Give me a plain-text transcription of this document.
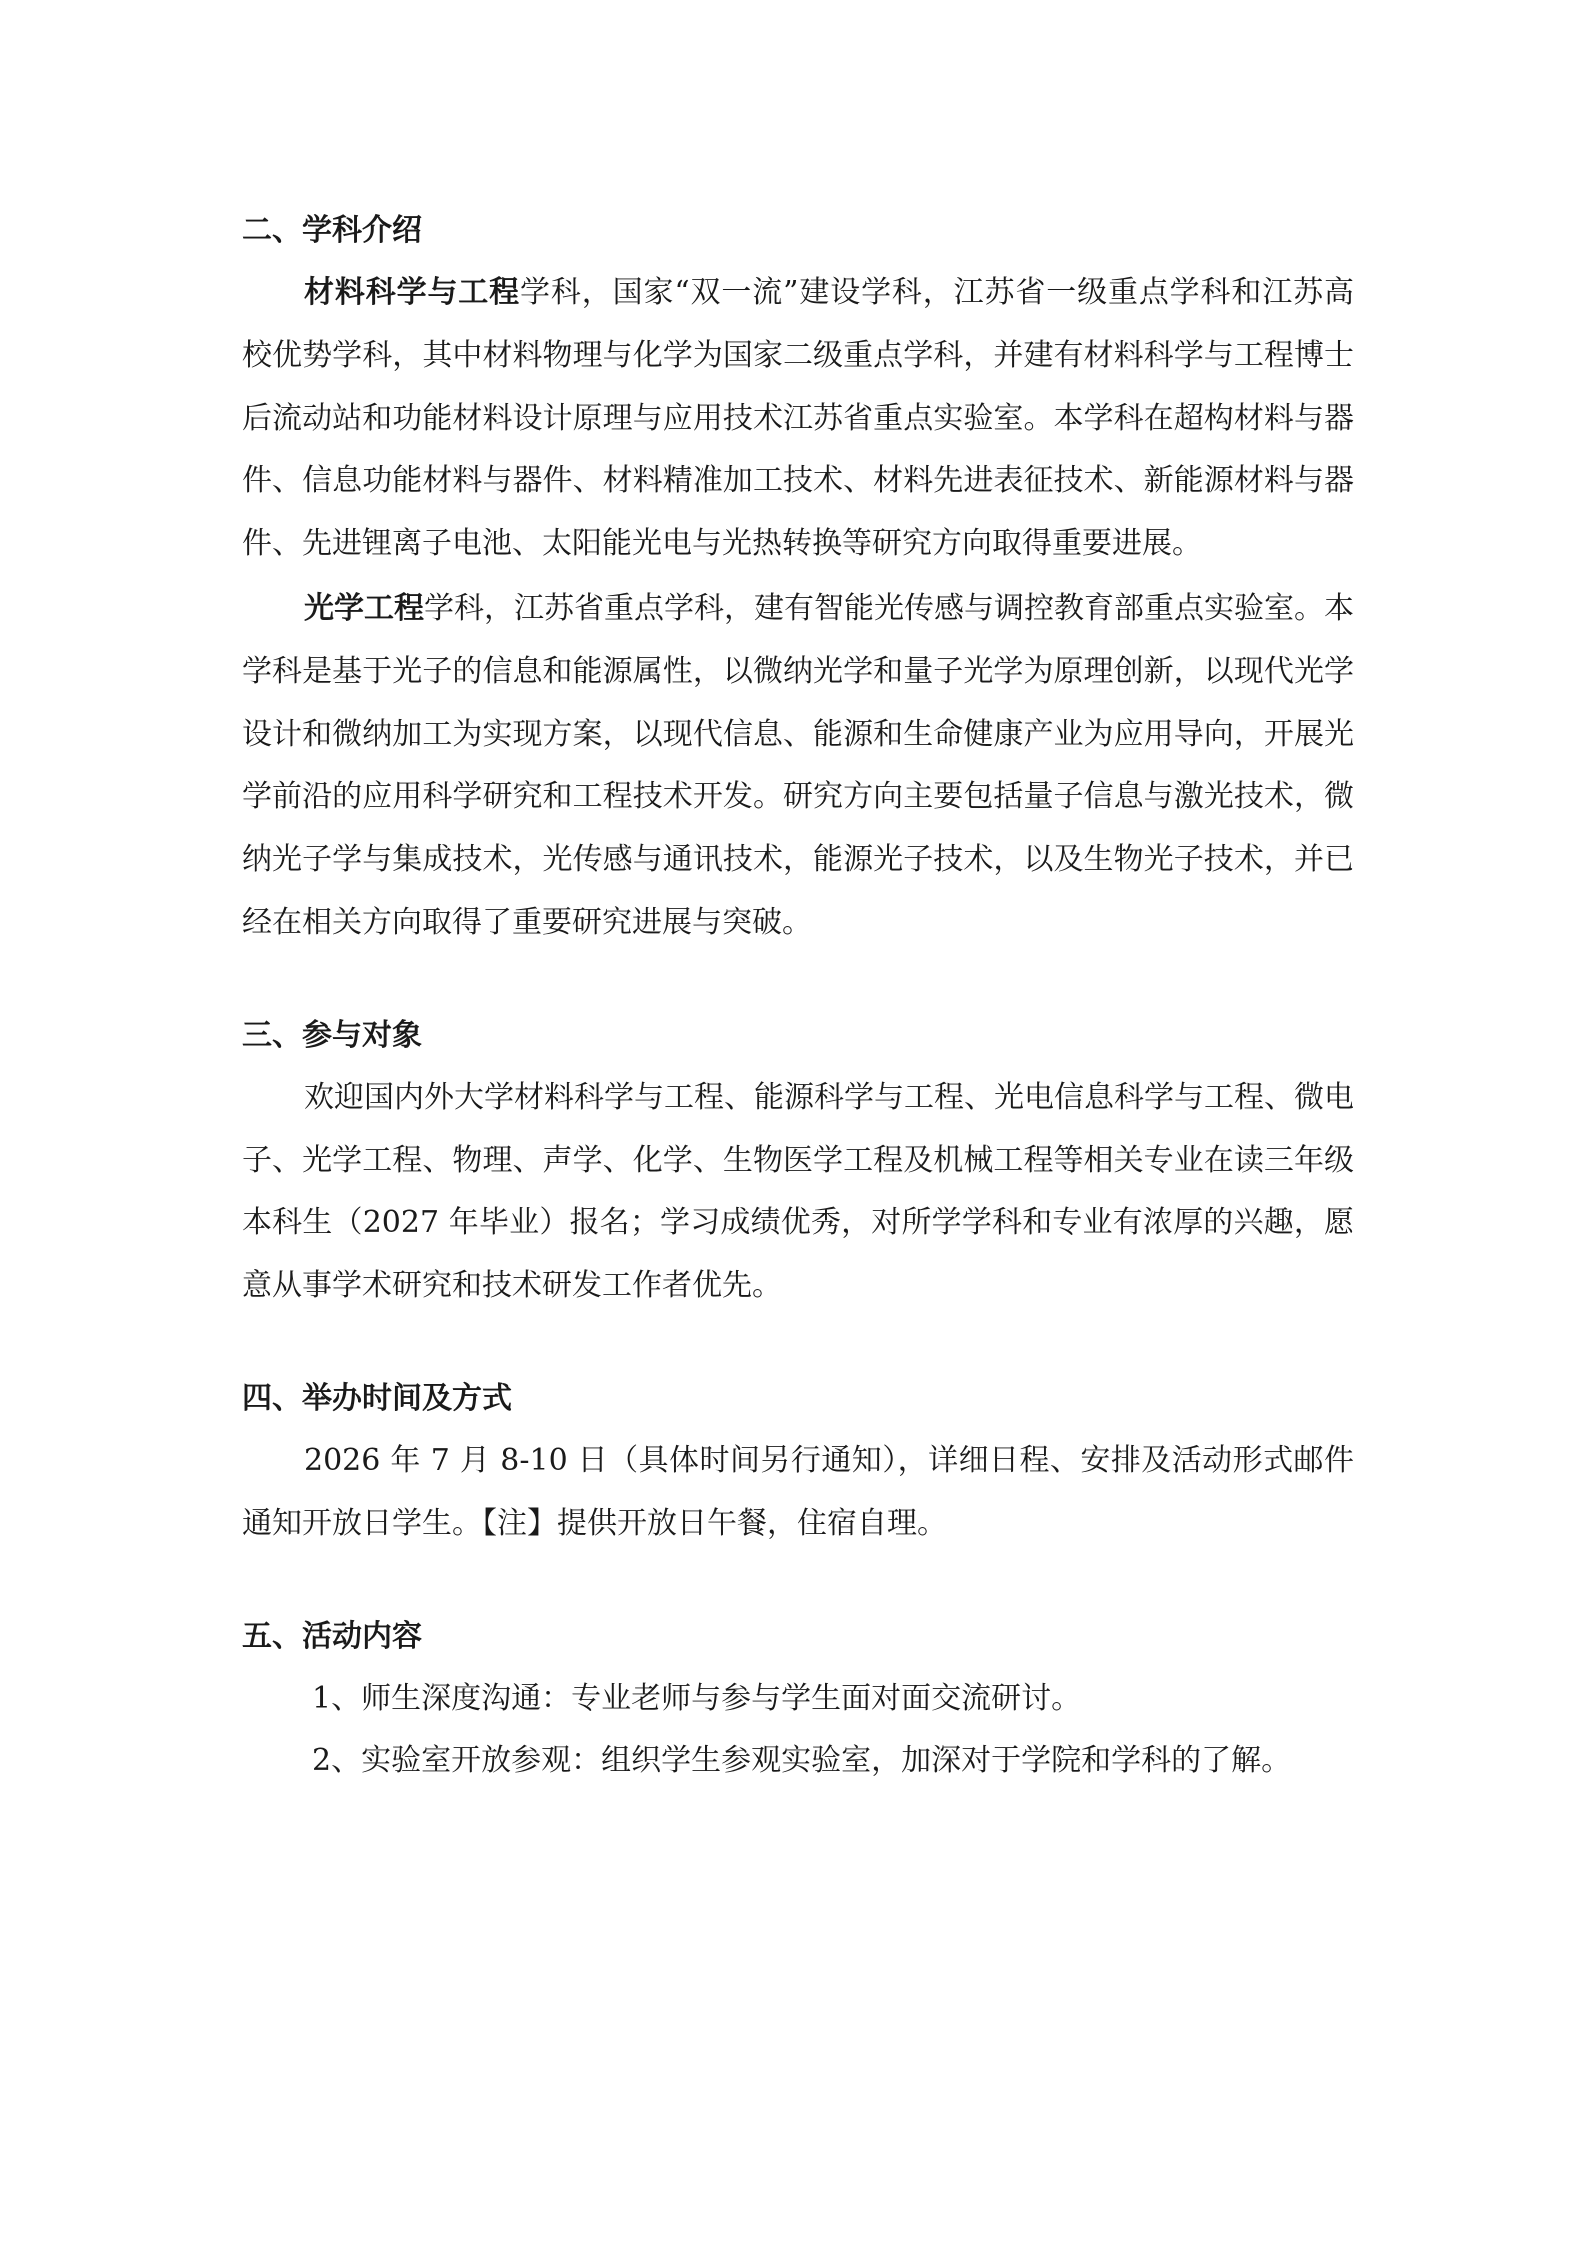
二、学科介绍

材料科学与工程学科，国家“双一流”建设学科，江苏省一级重点学科和江苏高校优势学科，其中材料物理与化学为国家二级重点学科，并建有材料科学与工程博士后流动站和功能材料设计原理与应用技术江苏省重点实验室。本学科在超构材料与器件、信息功能材料与器件、材料精准加工技术、材料先进表征技术、新能源材料与器件、先进锂离子电池、太阳能光电与光热转换等研究方向取得重要进展。

光学工程学科，江苏省重点学科，建有智能光传感与调控教育部重点实验室。本学科是基于光子的信息和能源属性，以微纳光学和量子光学为原理创新，以现代光学设计和微纳加工为实现方案，以现代信息、能源和生命健康产业为应用导向，开展光学前沿的应用科学研究和工程技术开发。研究方向主要包括量子信息与激光技术，微纳光子学与集成技术，光传感与通讯技术，能源光子技术，以及生物光子技术，并已经在相关方向取得了重要研究进展与突破。

三、参与对象

欢迎国内外大学材料科学与工程、能源科学与工程、光电信息科学与工程、微电子、光学工程、物理、声学、化学、生物医学工程及机械工程等相关专业在读三年级本科生（2027 年毕业）报名；学习成绩优秀，对所学学科和专业有浓厚的兴趣，愿意从事学术研究和技术研发工作者优先。

四、举办时间及方式

2026 年 7 月 8-10 日（具体时间另行通知），详细日程、安排及活动形式邮件通知开放日学生。【注】提供开放日午餐，住宿自理。

五、活动内容

1、师生深度沟通：专业老师与参与学生面对面交流研讨。

2、实验室开放参观：组织学生参观实验室，加深对于学院和学科的了解。
